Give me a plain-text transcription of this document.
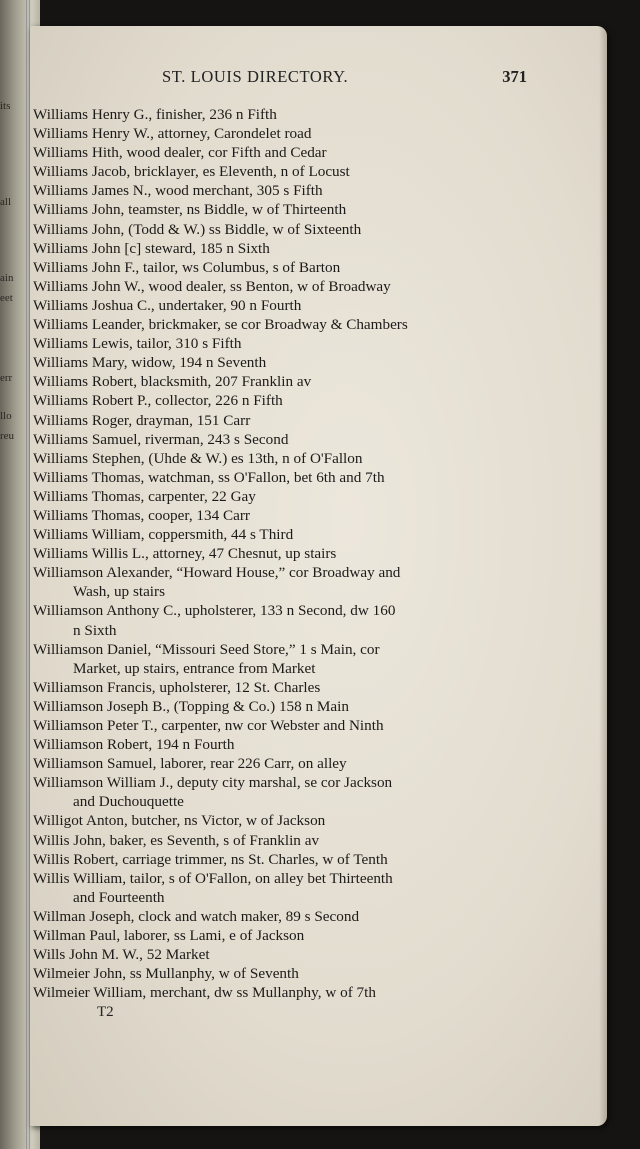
its
all
ain
eet
err
llo
reu
ST. LOUIS DIRECTORY.	371
Williams Henry G., finisher, 236 n Fifth
Williams Henry W., attorney, Carondelet road
Williams Hith, wood dealer, cor Fifth and Cedar
Williams Jacob, bricklayer, es Eleventh, n of Locust
Williams James N., wood merchant, 305 s Fifth
Williams John, teamster, ns Biddle, w of Thirteenth
Williams John, (Todd & W.) ss Biddle, w of Sixteenth
Williams John [c] steward, 185 n Sixth
Williams John F., tailor, ws Columbus, s of Barton
Williams John W., wood dealer, ss Benton, w of Broadway
Williams Joshua C., undertaker, 90 n Fourth
Williams Leander, brickmaker, se cor Broadway & Chambers
Williams Lewis, tailor, 310 s Fifth
Williams Mary, widow, 194 n Seventh
Williams Robert, blacksmith, 207 Franklin av
Williams Robert P., collector, 226 n Fifth
Williams Roger, drayman, 151 Carr
Williams Samuel, riverman, 243 s Second
Williams Stephen, (Uhde & W.) es 13th, n of O'Fallon
Williams Thomas, watchman, ss O'Fallon, bet 6th and 7th
Williams Thomas, carpenter, 22 Gay
Williams Thomas, cooper, 134 Carr
Williams William, coppersmith, 44 s Third
Williams Willis L., attorney, 47 Chesnut, up stairs
Williamson Alexander, “Howard House,” cor Broadway and
Wash, up stairs
Williamson Anthony C., upholsterer, 133 n Second, dw 160
n Sixth
Williamson Daniel, “Missouri Seed Store,” 1 s Main, cor
Market, up stairs, entrance from Market
Williamson Francis, upholsterer, 12 St. Charles
Williamson Joseph B., (Topping & Co.) 158 n Main
Williamson Peter T., carpenter, nw cor Webster and Ninth
Williamson Robert, 194 n Fourth
Williamson Samuel, laborer, rear 226 Carr, on alley
Williamson William J., deputy city marshal, se cor Jackson
and Duchouquette
Willigot Anton, butcher, ns Victor, w of Jackson
Willis John, baker, es Seventh, s of Franklin av
Willis Robert, carriage trimmer, ns St. Charles, w of Tenth
Willis William, tailor, s of O'Fallon, on alley bet Thirteenth
and Fourteenth
Willman Joseph, clock and watch maker, 89 s Second
Willman Paul, laborer, ss Lami, e of Jackson
Wills John M. W., 52 Market
Wilmeier John, ss Mullanphy, w of Seventh
Wilmeier William, merchant, dw ss Mullanphy, w of 7th
T2
